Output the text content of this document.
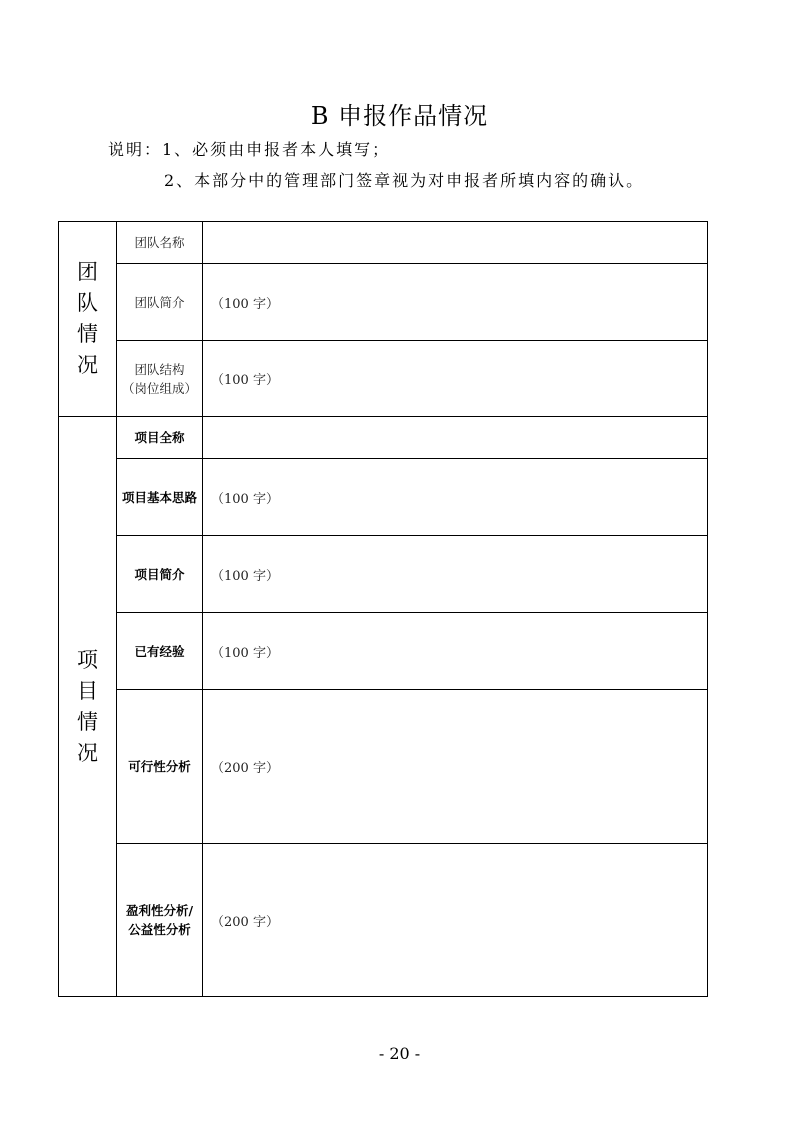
B 申报作品情况
说明：1、必须由申报者本人填写；
2、本部分中的管理部门签章视为对申报者所填内容的确认。
团
队
情
况	团队名称	

	团队简介	（100 字）

	团队结构
（岗位组成）	（100 字）

项
目
情
况	项目全称	

	项目基本思路	（100 字）

	项目简介	（100 字）

	已有经验	（100 字）

	可行性分析	（200 字）

	盈利性分析/
公益性分析	（200 字）
- 20 -
